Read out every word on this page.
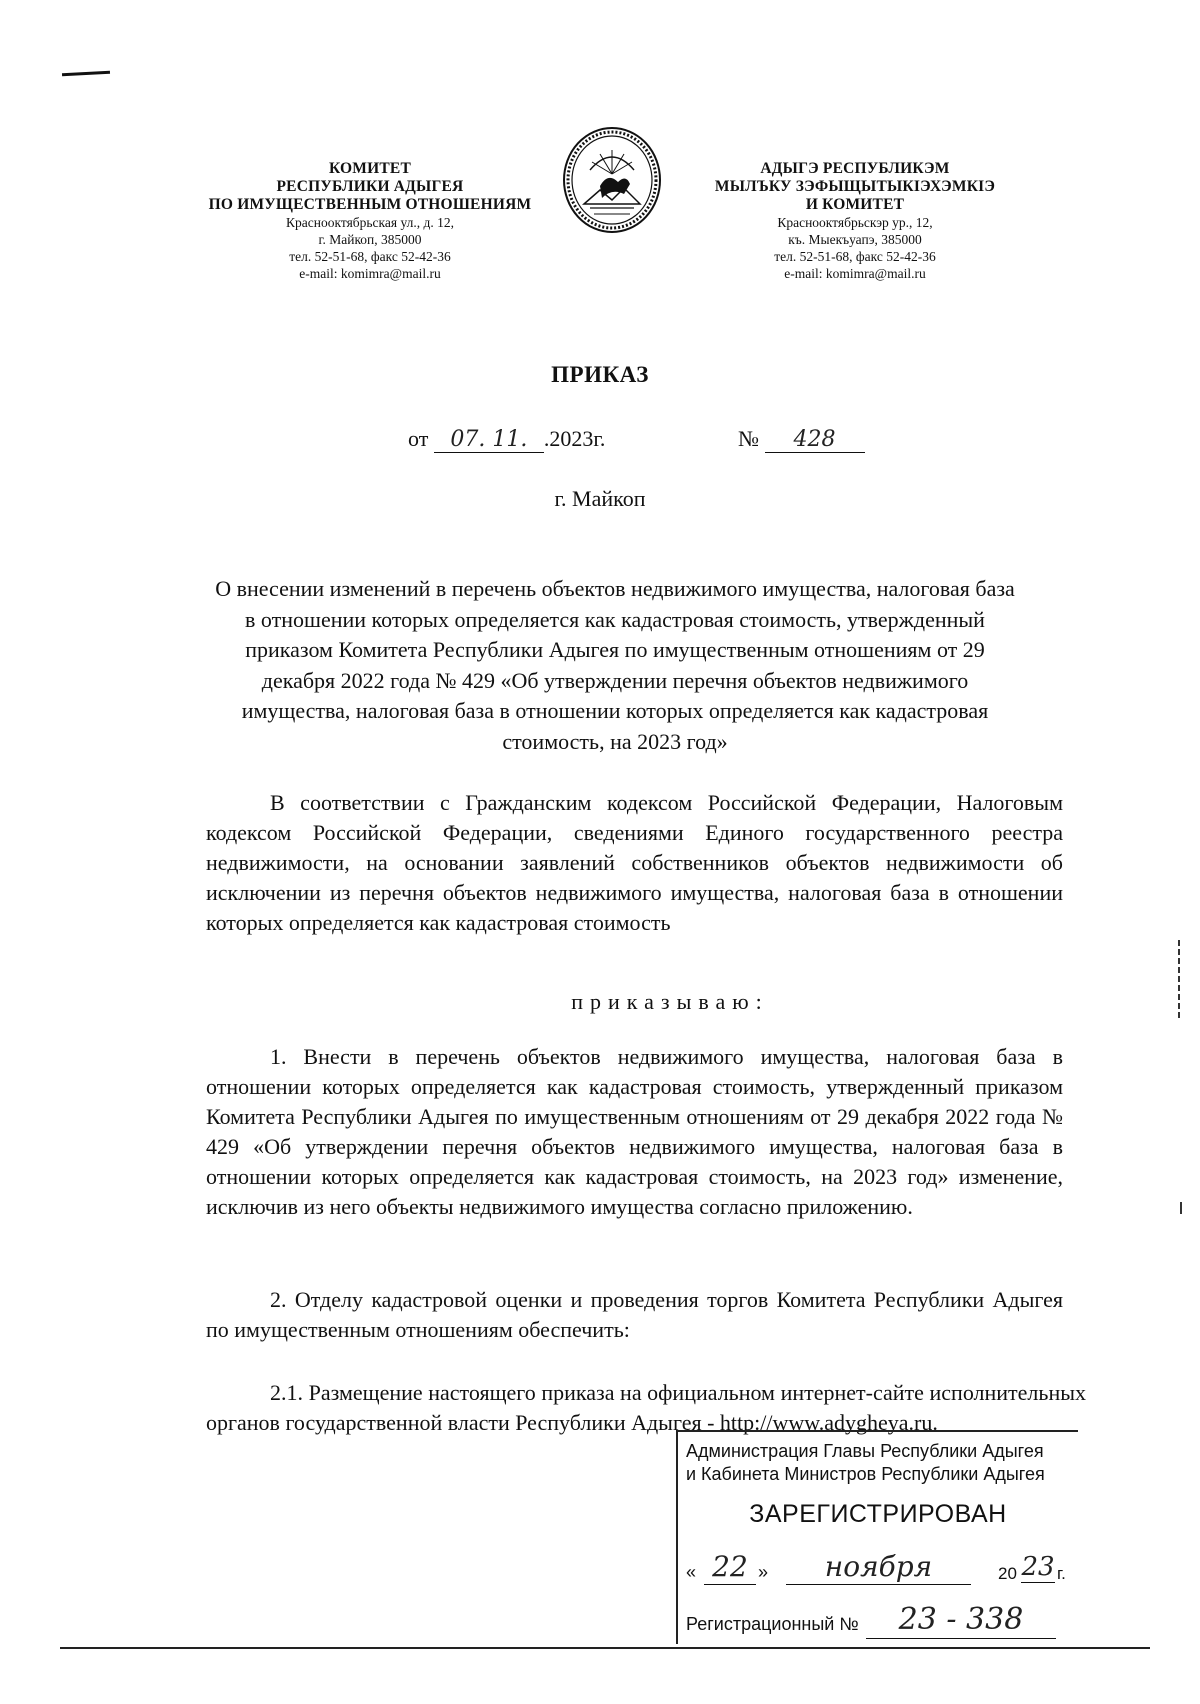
КОМИТЕТ
РЕСПУБЛИКИ АДЫГЕЯ
ПО ИМУЩЕСТВЕННЫМ ОТНОШЕНИЯМ
Краснооктябрьская ул., д. 12,
г. Майкоп, 385000
тел. 52-51-68, факс 52-42-36
e-mail: komimra@mail.ru
АДЫГЭ РЕСПУБЛИКЭМ
МЫЛЪКУ ЗЭФЫЩЫТЫКIЭХЭМКIЭ
И КОМИТЕТ
Краснооктябрьскэр ур., 12,
къ. Мыекъуапэ, 385000
тел. 52-51-68, факс 52-42-36
e-mail: komimra@mail.ru
ПРИКАЗ
от 07. 11. .2023г.	№ 428
г. Майкоп
О внесении изменений в перечень объектов недвижимого имущества, налоговая база в отношении которых определяется как кадастровая стоимость, утвержденный приказом Комитета Республики Адыгея по имущественным отношениям от 29 декабря 2022 года № 429 «Об утверждении перечня объектов недвижимого имущества, налоговая база в отношении которых определяется как кадастровая стоимость, на 2023 год»
В соответствии с Гражданским кодексом Российской Федерации, Налоговым кодексом Российской Федерации, сведениями Единого государственного реестра недвижимости, на основании заявлений собственников объектов недвижимости об исключении из перечня объектов недвижимого имущества, налоговая база в отношении которых определяется как кадастровая стоимость
приказываю:
1. Внести в перечень объектов недвижимого имущества, налоговая база в отношении которых определяется как кадастровая стоимость, утвержденный приказом Комитета Республики Адыгея по имущественным отношениям от 29 декабря 2022 года № 429 «Об утверждении перечня объектов недвижимого имущества, налоговая база в отношении которых определяется как кадастровая стоимость, на 2023 год» изменение, исключив из него объекты недвижимого имущества согласно приложению.
2. Отделу кадастровой оценки и проведения торгов Комитета Республики Адыгея по имущественным отношениям обеспечить:
2.1. Размещение настоящего приказа на официальном интернет-сайте исполнительных органов государственной власти Республики Адыгея - http://www.adygheya.ru.
Администрация Главы Республики Адыгея
и Кабинета Министров Республики Адыгея
ЗАРЕГИСТРИРОВАН
« 22 »	ноября	20 23 г.
Регистрационный №	23 - 338
